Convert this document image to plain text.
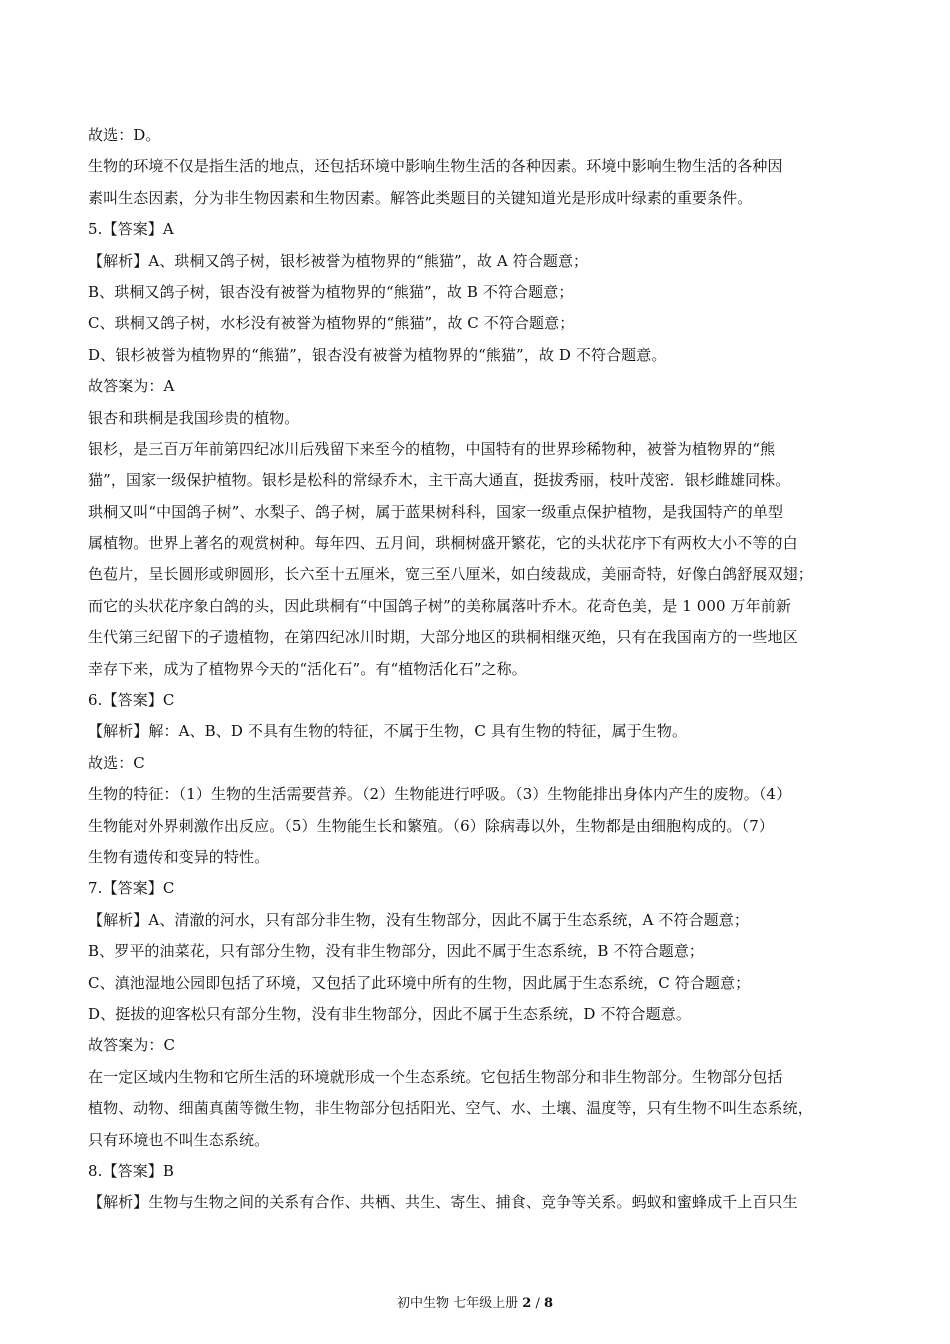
故选：D。
生物的环境不仅是指生活的地点，还包括环境中影响生物生活的各种因素。环境中影响生物生活的各种因
素叫生态因素，分为非生物因素和生物因素。解答此类题目的关键知道光是形成叶绿素的重要条件。
5.【答案】A
【解析】A、珙桐又鸽子树，银杉被誉为植物界的“熊猫”，故 A 符合题意；
B、珙桐又鸽子树，银杏没有被誉为植物界的“熊猫”，故 B 不符合题意；
C、珙桐又鸽子树，水杉没有被誉为植物界的“熊猫”，故 C 不符合题意；
D、银杉被誉为植物界的“熊猫”，银杏没有被誉为植物界的“熊猫”，故 D 不符合题意。
故答案为：A
银杏和珙桐是我国珍贵的植物。
银杉，是三百万年前第四纪冰川后残留下来至今的植物，中国特有的世界珍稀物种，被誉为植物界的“熊
猫”，国家一级保护植物。银杉是松科的常绿乔木，主干高大通直，挺拔秀丽，枝叶茂密．银杉雌雄同株。
珙桐又叫“中国鸽子树”、水梨子、鸽子树，属于蓝果树科科，国家一级重点保护植物，是我国特产的单型
属植物。世界上著名的观赏树种。每年四、五月间，珙桐树盛开繁花，它的头状花序下有两枚大小不等的白
色苞片，呈长圆形或卵圆形，长六至十五厘米，宽三至八厘米，如白绫裁成，美丽奇特，好像白鸽舒展双翅；
而它的头状花序象白鸽的头，因此珙桐有“中国鸽子树”的美称属落叶乔木。花奇色美，是 1 000 万年前新
生代第三纪留下的孑遗植物，在第四纪冰川时期，大部分地区的珙桐相继灭绝，只有在我国南方的一些地区
幸存下来，成为了植物界今天的“活化石”。有“植物活化石”之称。
6.【答案】C
【解析】解：A、B、D 不具有生物的特征，不属于生物，C 具有生物的特征，属于生物。
故选：C
生物的特征：（1）生物的生活需要营养。（2）生物能进行呼吸。（3）生物能排出身体内产生的废物。（4）
生物能对外界刺激作出反应。（5）生物能生长和繁殖。（6）除病毒以外，生物都是由细胞构成的。（7）
生物有遗传和变异的特性。
7.【答案】C
【解析】A、清澈的河水，只有部分非生物，没有生物部分，因此不属于生态系统，A 不符合题意；
B、罗平的油菜花，只有部分生物，没有非生物部分，因此不属于生态系统，B 不符合题意；
C、滇池湿地公园即包括了环境，又包括了此环境中所有的生物，因此属于生态系统，C 符合题意；
D、挺拔的迎客松只有部分生物，没有非生物部分，因此不属于生态系统，D 不符合题意。
故答案为：C
在一定区域内生物和它所生活的环境就形成一个生态系统。它包括生物部分和非生物部分。生物部分包括
植物、动物、细菌真菌等微生物，非生物部分包括阳光、空气、水、土壤、温度等，只有生物不叫生态系统，
只有环境也不叫生态系统。
8.【答案】B
【解析】生物与生物之间的关系有合作、共栖、共生、寄生、捕食、竞争等关系。蚂蚁和蜜蜂成千上百只生
初中生物 七年级上册 2 / 8
